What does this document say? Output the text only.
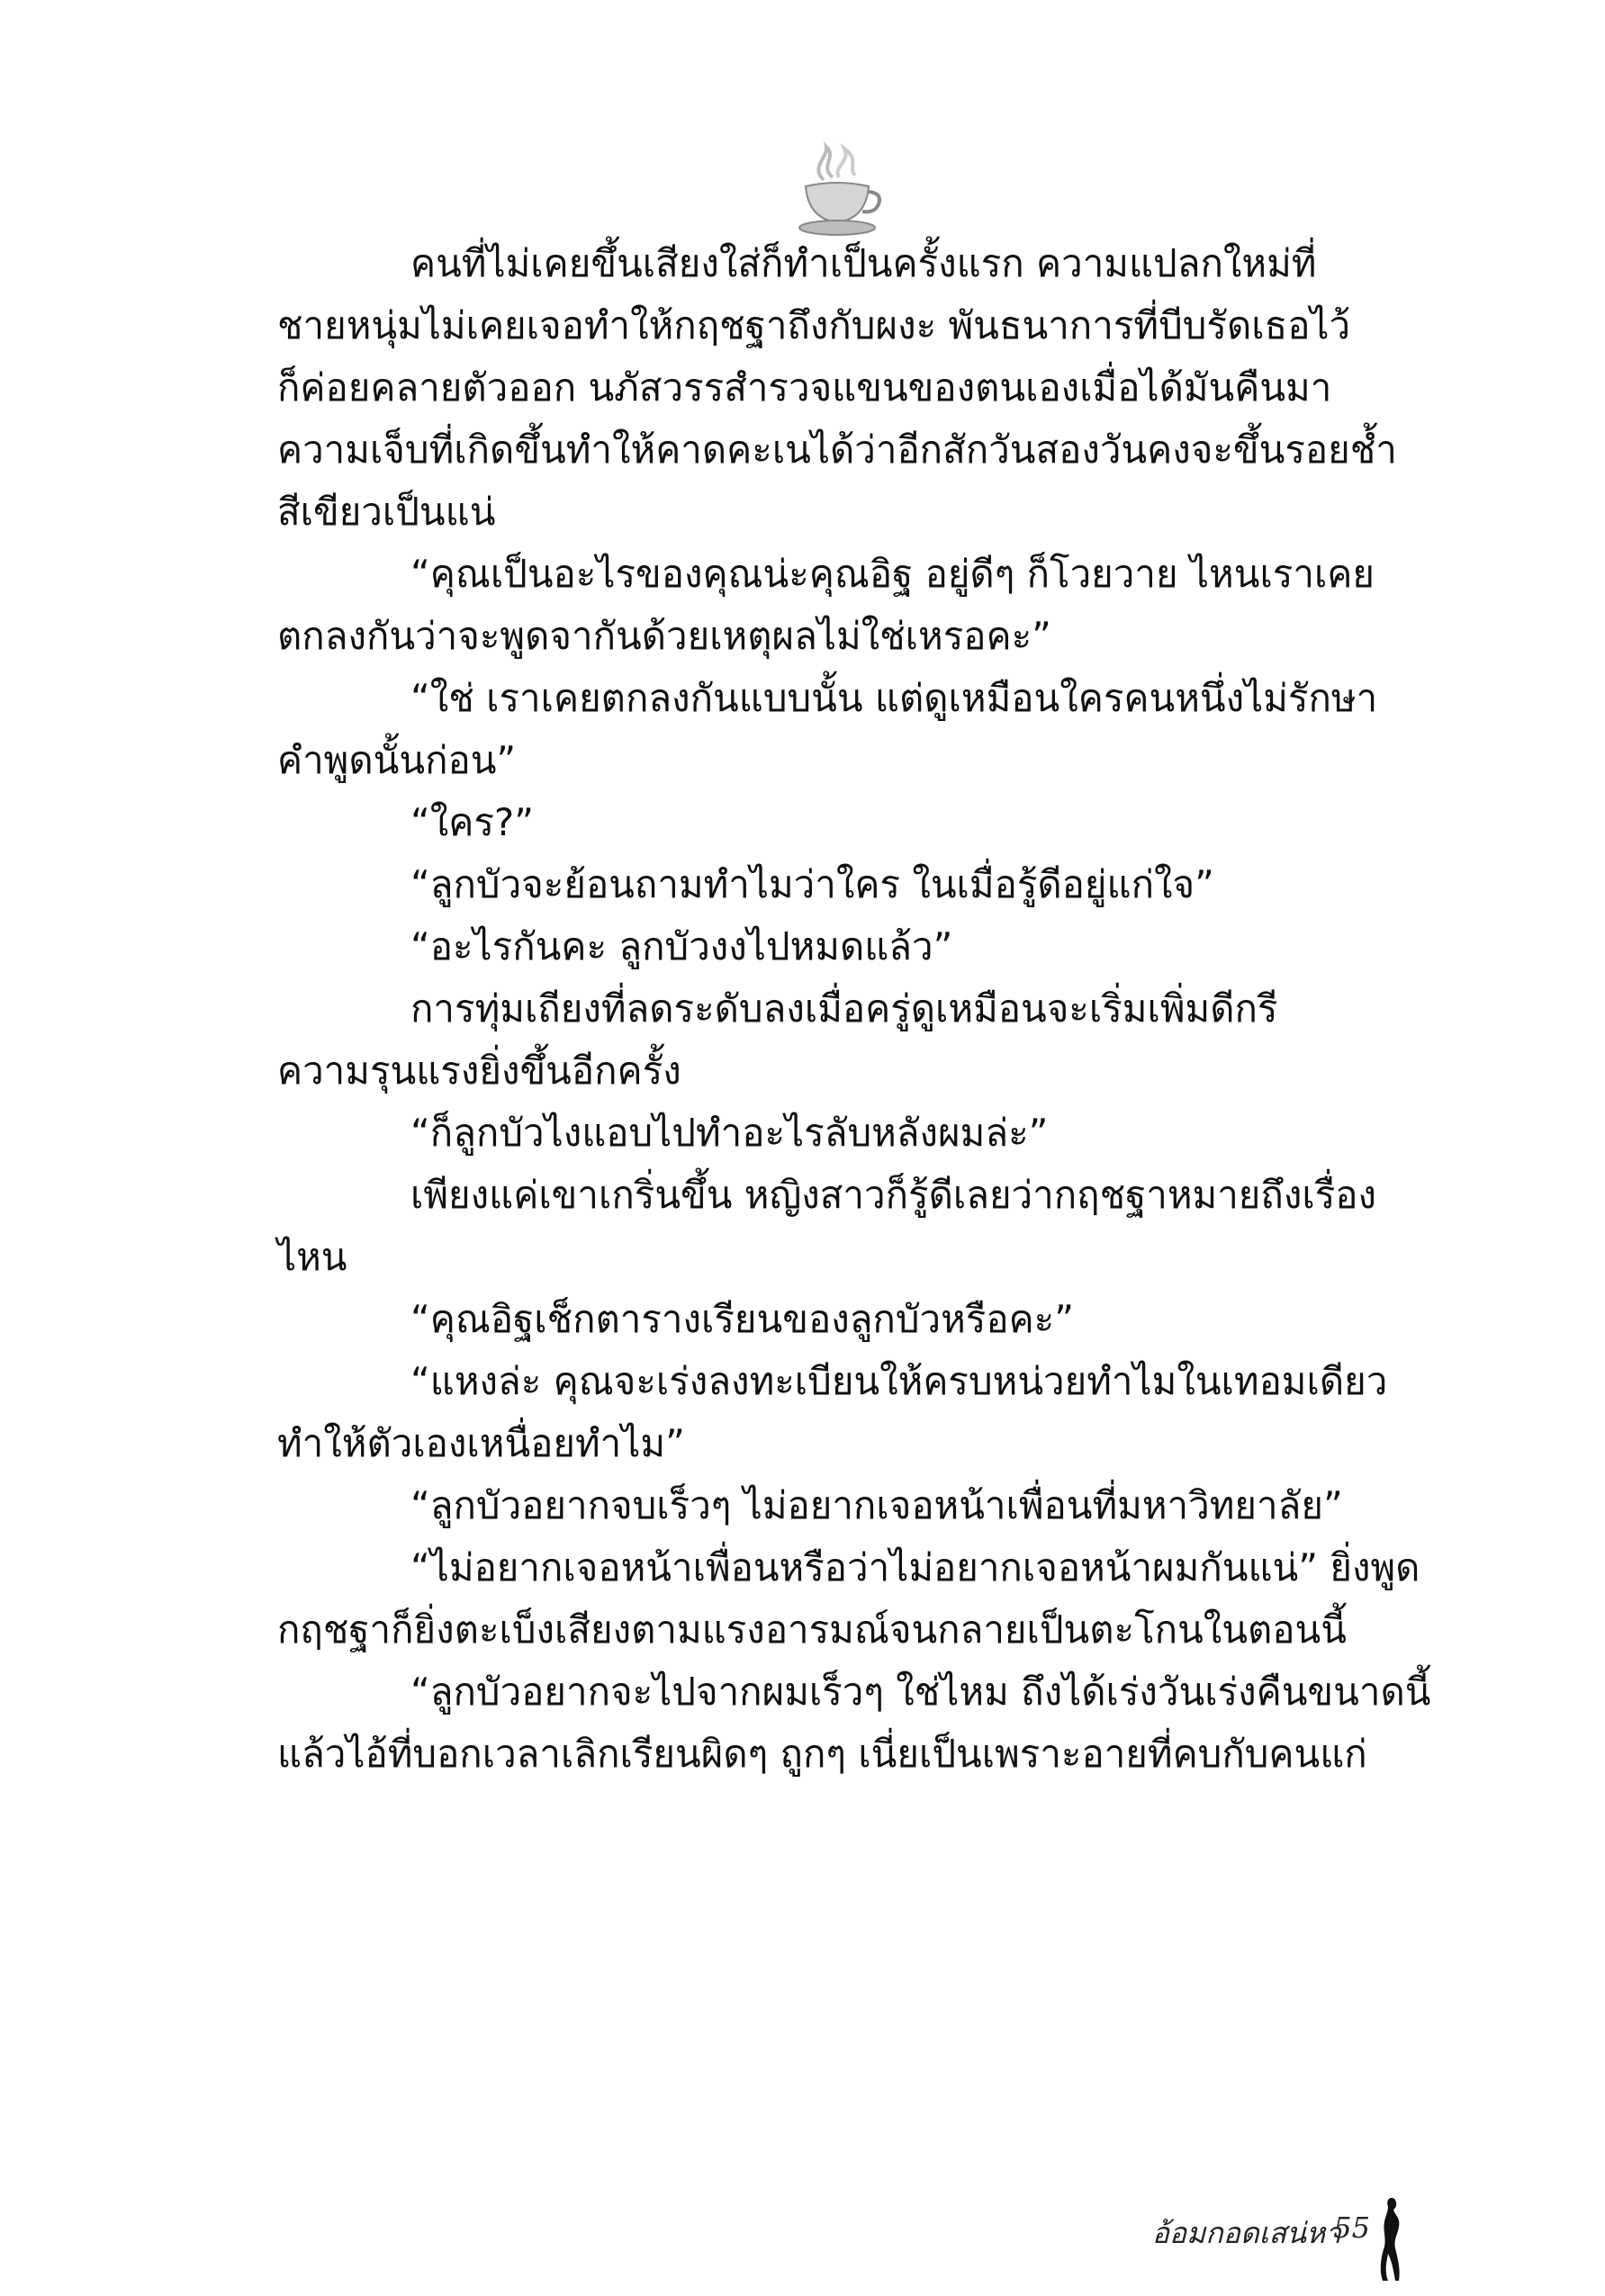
คนที่ไม่เคยขึ้นเสียงใส่ก็ทำเป็นครั้งแรก ความแปลกใหม่ที่
ชายหนุ่มไม่เคยเจอทำให้กฤชฐาถึงกับผงะ พันธนาการที่บีบรัดเธอไว้
ก็ค่อยคลายตัวออก นภัสวรรสำรวจแขนของตนเองเมื่อได้มันคืนมา
ความเจ็บที่เกิดขึ้นทำให้คาดคะเนได้ว่าอีกสักวันสองวันคงจะขึ้นรอยช้ำ
สีเขียวเป็นแน่
“คุณเป็นอะไรของคุณน่ะคุณอิฐ อยู่ดีๆ ก็โวยวาย ไหนเราเคย
ตกลงกันว่าจะพูดจากันด้วยเหตุผลไม่ใช่เหรอคะ”
“ใช่ เราเคยตกลงกันแบบนั้น แต่ดูเหมือนใครคนหนึ่งไม่รักษา
คำพูดนั้นก่อน”
“ใคร?”
“ลูกบัวจะย้อนถามทำไมว่าใคร ในเมื่อรู้ดีอยู่แก่ใจ”
“อะไรกันคะ ลูกบัวงงไปหมดแล้ว”
การทุ่มเถียงที่ลดระดับลงเมื่อครู่ดูเหมือนจะเริ่มเพิ่มดีกรี
ความรุนแรงยิ่งขึ้นอีกครั้ง
“ก็ลูกบัวไงแอบไปทำอะไรลับหลังผมล่ะ”
เพียงแค่เขาเกริ่นขึ้น หญิงสาวก็รู้ดีเลยว่ากฤชฐาหมายถึงเรื่อง
ไหน
“คุณอิฐเช็กตารางเรียนของลูกบัวหรือคะ”
“แหงล่ะ คุณจะเร่งลงทะเบียนให้ครบหน่วยทำไมในเทอมเดียว
ทำให้ตัวเองเหนื่อยทำไม”
“ลูกบัวอยากจบเร็วๆ ไม่อยากเจอหน้าเพื่อนที่มหาวิทยาลัย”
“ไม่อยากเจอหน้าเพื่อนหรือว่าไม่อยากเจอหน้าผมกันแน่” ยิ่งพูด
กฤชฐาก็ยิ่งตะเบ็งเสียงตามแรงอารมณ์จนกลายเป็นตะโกนในตอนนี้
“ลูกบัวอยากจะไปจากผมเร็วๆ ใช่ไหม ถึงได้เร่งวันเร่งคืนขนาดนี้
แล้วไอ้ที่บอกเวลาเลิกเรียนผิดๆ ถูกๆ เนี่ยเป็นเพราะอายที่คบกับคนแก่
อ้อมกอดเสน่หา
55
